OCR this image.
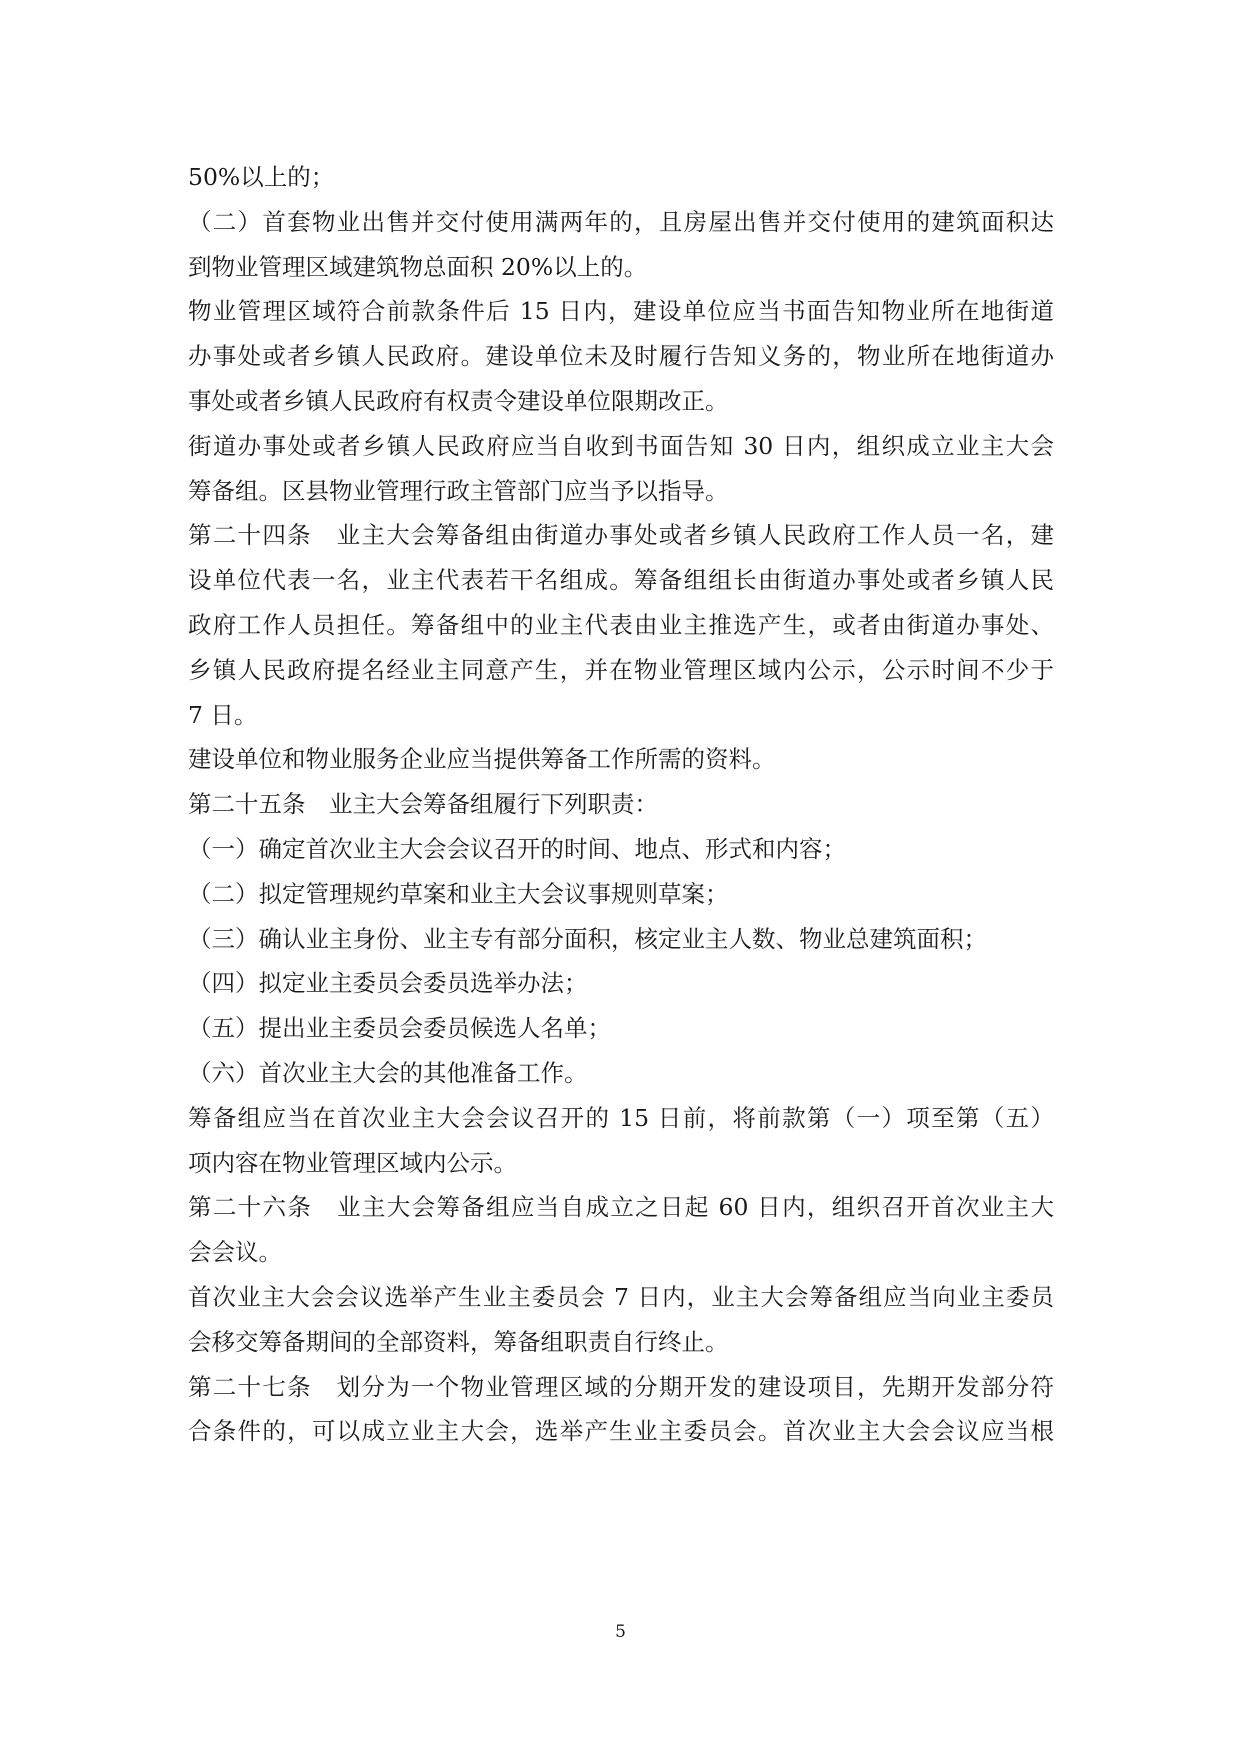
50%以上的；
（二）首套物业出售并交付使用满两年的，且房屋出售并交付使用的建筑面积达
到物业管理区域建筑物总面积 20%以上的。
物业管理区域符合前款条件后 15 日内，建设单位应当书面告知物业所在地街道
办事处或者乡镇人民政府。建设单位未及时履行告知义务的，物业所在地街道办
事处或者乡镇人民政府有权责令建设单位限期改正。
街道办事处或者乡镇人民政府应当自收到书面告知 30 日内，组织成立业主大会
筹备组。区县物业管理行政主管部门应当予以指导。
第二十四条　业主大会筹备组由街道办事处或者乡镇人民政府工作人员一名，建
设单位代表一名，业主代表若干名组成。筹备组组长由街道办事处或者乡镇人民
政府工作人员担任。筹备组中的业主代表由业主推选产生，或者由街道办事处、
乡镇人民政府提名经业主同意产生，并在物业管理区域内公示，公示时间不少于
7 日。
建设单位和物业服务企业应当提供筹备工作所需的资料。
第二十五条　业主大会筹备组履行下列职责：
（一）确定首次业主大会会议召开的时间、地点、形式和内容；
（二）拟定管理规约草案和业主大会议事规则草案；
（三）确认业主身份、业主专有部分面积，核定业主人数、物业总建筑面积；
（四）拟定业主委员会委员选举办法；
（五）提出业主委员会委员候选人名单；
（六）首次业主大会的其他准备工作。
筹备组应当在首次业主大会会议召开的 15 日前，将前款第（一）项至第（五）
项内容在物业管理区域内公示。
第二十六条　业主大会筹备组应当自成立之日起 60 日内，组织召开首次业主大
会会议。
首次业主大会会议选举产生业主委员会 7 日内，业主大会筹备组应当向业主委员
会移交筹备期间的全部资料，筹备组职责自行终止。
第二十七条　划分为一个物业管理区域的分期开发的建设项目，先期开发部分符
合条件的，可以成立业主大会，选举产生业主委员会。首次业主大会会议应当根
5
